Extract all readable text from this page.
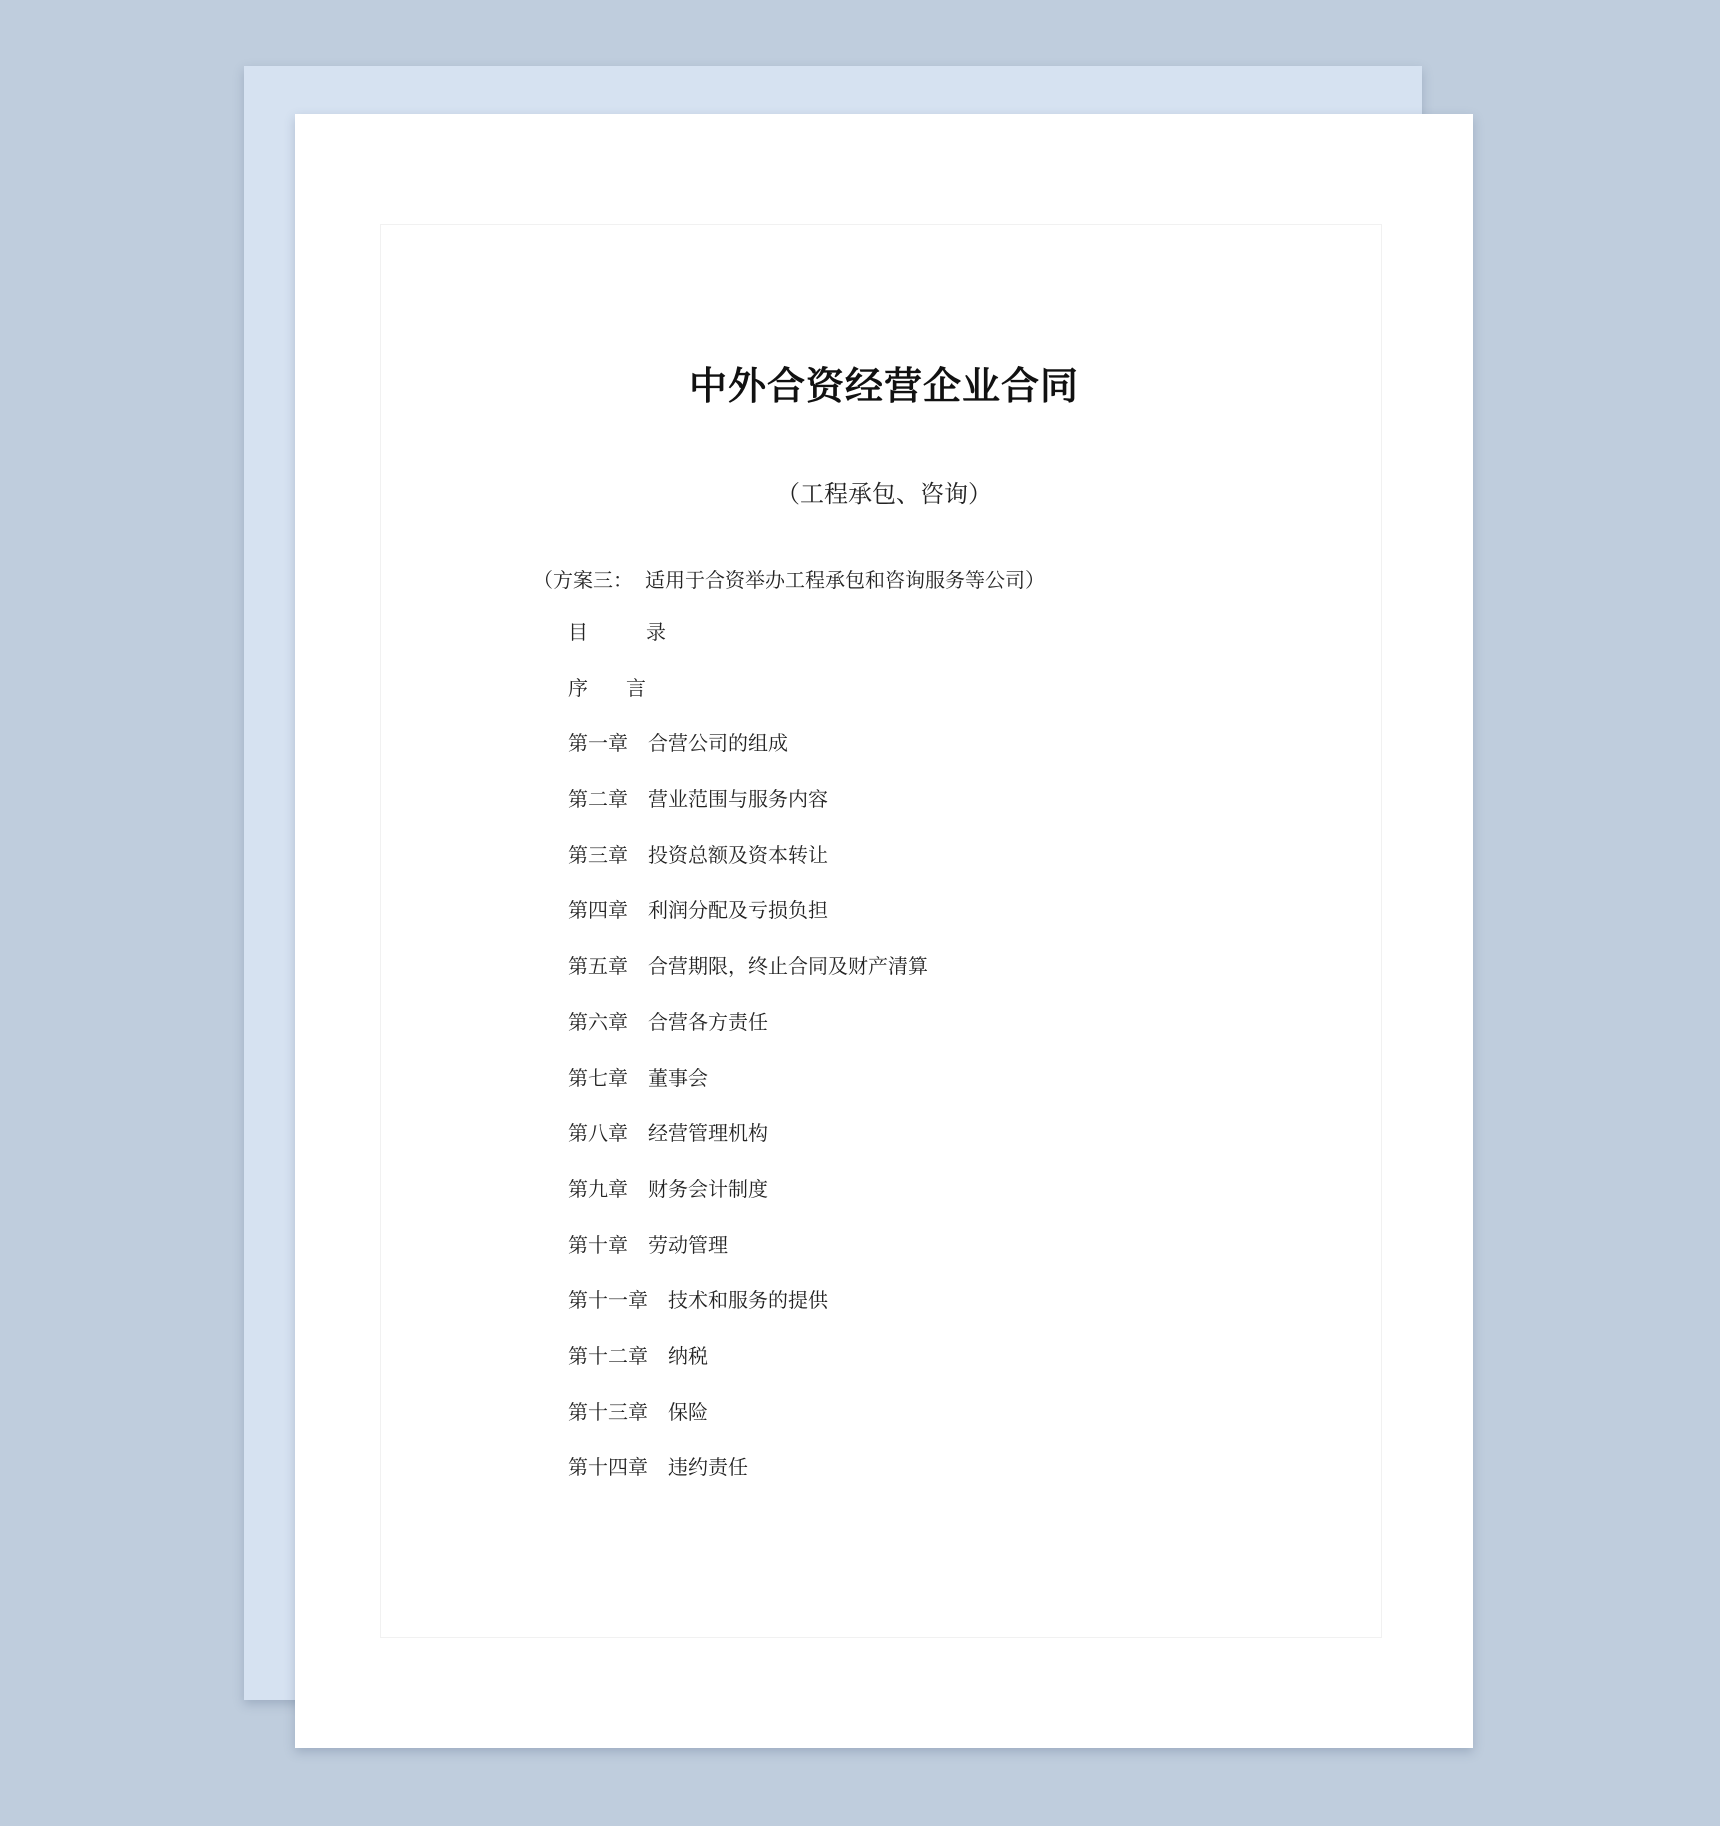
中外合资经营企业合同
（工程承包、咨询）
（方案三： 适用于合资举办工程承包和咨询服务等公司）
目	录
序 言
第一章 合营公司的组成
第二章 营业范围与服务内容
第三章 投资总额及资本转让
第四章 利润分配及亏损负担
第五章 合营期限，终止合同及财产清算
第六章 合营各方责任
第七章 董事会
第八章 经营管理机构
第九章 财务会计制度
第十章 劳动管理
第十一章 技术和服务的提供
第十二章 纳税
第十三章 保险
第十四章 违约责任
